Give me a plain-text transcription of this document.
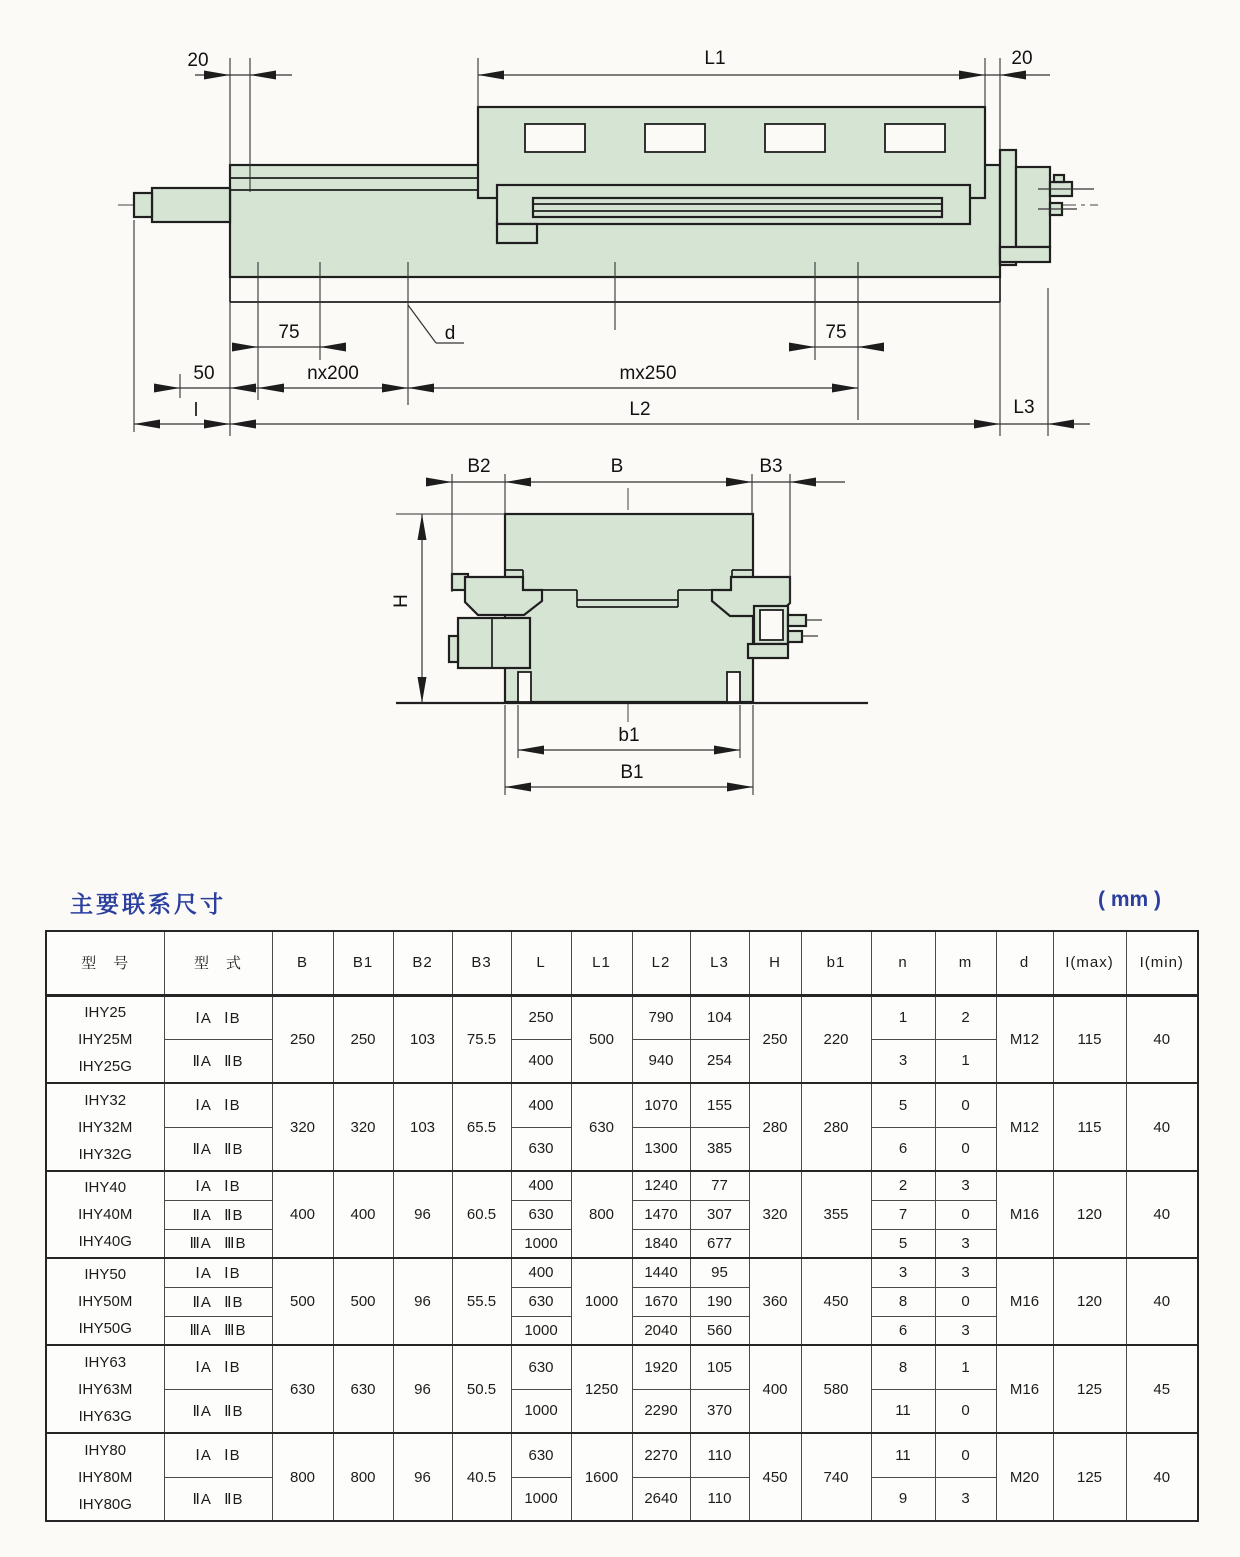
20	L1	20
75	75
d
50	nx200	mx250
l	L2	L3
B2	B	B3
H
b1
B1
主要联系尺寸	( mm )
型　号	型　式	B	B1	B2	B3	L	L1	L2	L3	H	b1	n	m	d	I(max)	I(min)

IHY25
IHY25M
IHY25G	ⅠA ⅠB	250	250	103	75.5	250	500	790	104	250	220	1	2	M12	115	40
	ⅡA ⅡB					400		940	254			3	1			

IHY32
IHY32M
IHY32G	ⅠA ⅠB	320	320	103	65.5	400	630	1070	155	280	280	5	0	M12	115	40
	ⅡA ⅡB					630		1300	385			6	0			

IHY40
IHY40M
IHY40G	ⅠA ⅠB	400	400	96	60.5	400	800	1240	77	320	355	2	3	M16	120	40
	ⅡA ⅡB					630		1470	307			7	0			
	ⅢA ⅢB					1000		1840	677			5	3			

IHY50
IHY50M
IHY50G	ⅠA ⅠB	500	500	96	55.5	400	1000	1440	95	360	450	3	3	M16	120	40
	ⅡA ⅡB					630		1670	190			8	0			
	ⅢA ⅢB					1000		2040	560			6	3			

IHY63
IHY63M
IHY63G	ⅠA ⅠB	630	630	96	50.5	630	1250	1920	105	400	580	8	1	M16	125	45
	ⅡA ⅡB					1000		2290	370			11	0			

IHY80
IHY80M
IHY80G	ⅠA ⅠB	800	800	96	40.5	630	1600	2270	110	450	740	11	0	M20	125	40
	ⅡA ⅡB					1000		2640	110			9	3			
